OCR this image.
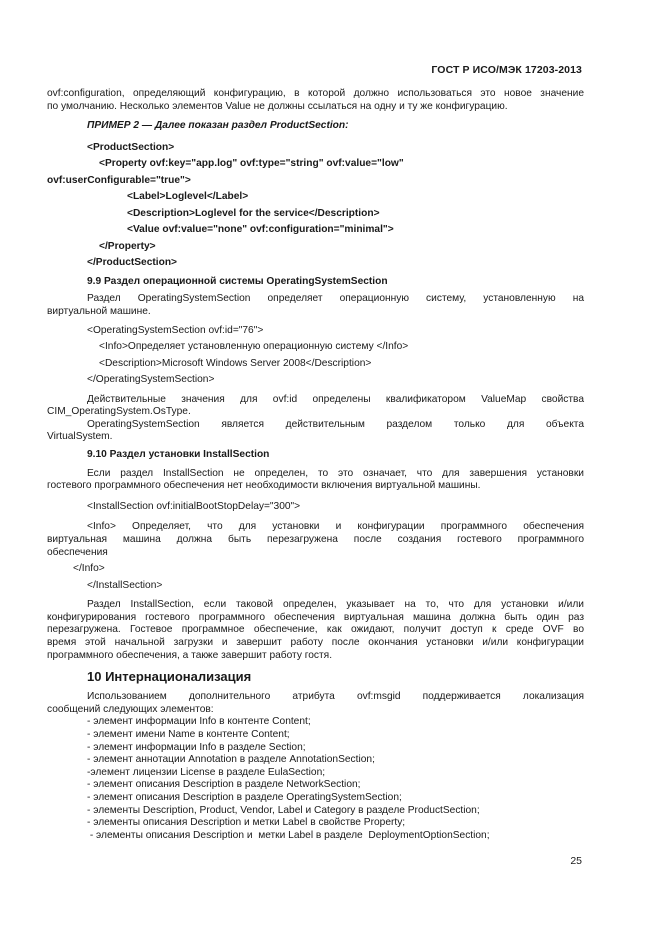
ГОСТ Р ИСО/МЭК 17203-2013

ovf:configuration, определяющий конфигурацию, в которой должно использоваться это новое значение

по умолчанию. Несколько элементов Value не должны ссылаться на одну и ту же конфигурацию.

ПРИМЕР 2 — Далее показан раздел ProductSection:

<ProductSection>

<Property ovf:key="app.log" ovf:type="string" ovf:value="low"

ovf:userConfigurable="true">

<Label>Loglevel</Label>

<Description>Loglevel for the service</Description>

<Value ovf:value="none" ovf:configuration="minimal">

</Property>

</ProductSection>

9.9 Раздел операционной системы OperatingSystemSection

Раздел OperatingSystemSection определяет операционную систему, установленную на

виртуальной машине.

<OperatingSystemSection ovf:id="76">

<Info>Определяет установленную операционную систему </Info>

<Description>Microsoft Windows Server 2008</Description>

</OperatingSystemSection>

Действительные значения для ovf:id определены квалификатором ValueMap свойства

CIM_OperatingSystem.OsType.

OperatingSystemSection является действительным разделом только для объекта

VirtualSystem.

9.10 Раздел установки InstallSection

Если раздел InstallSection не определен, то это означает, что для завершения установки

гостевого программного обеспечения нет необходимости включения виртуальной машины.

<InstallSection ovf:initialBootStopDelay="300">

<Info> Определяет, что для установки и конфигурации программного обеспечения

виртуальная машина должна быть перезагружена после создания гостевого программного

обеспечения

</Info>

</InstallSection>

Раздел InstallSection, если таковой определен, указывает на то, что для установки и/или

конфигурирования гостевого программного обеспечения виртуальная машина должна быть один раз

перезагружена. Гостевое программное обеспечение, как ожидают, получит доступ к среде OVF во

время этой начальной загрузки и завершит работу после окончания установки и/или конфигурации

программного обеспечения, а также завершит работу гостя.

10 Интернационализация

Использованием дополнительного атрибута ovf:msgid поддерживается локализация

сообщений следующих элементов:

- элемент информации Info в контенте Content;

- элемент имени Name в контенте Content;

- элемент информации Info в разделе Section;

- элемент аннотации Annotation в разделе AnnotationSection;

-элемент лицензии License в разделе EulaSection;

- элемент описания Description в разделе NetworkSection;

- элемент описания Description в разделе OperatingSystemSection;

- элементы Description, Product, Vendor, Label и Category в разделе ProductSection;

- элементы описания Description и метки Label в свойстве Property;

- элементы описания Description и  метки Label в разделе  DeploymentOptionSection;

25
